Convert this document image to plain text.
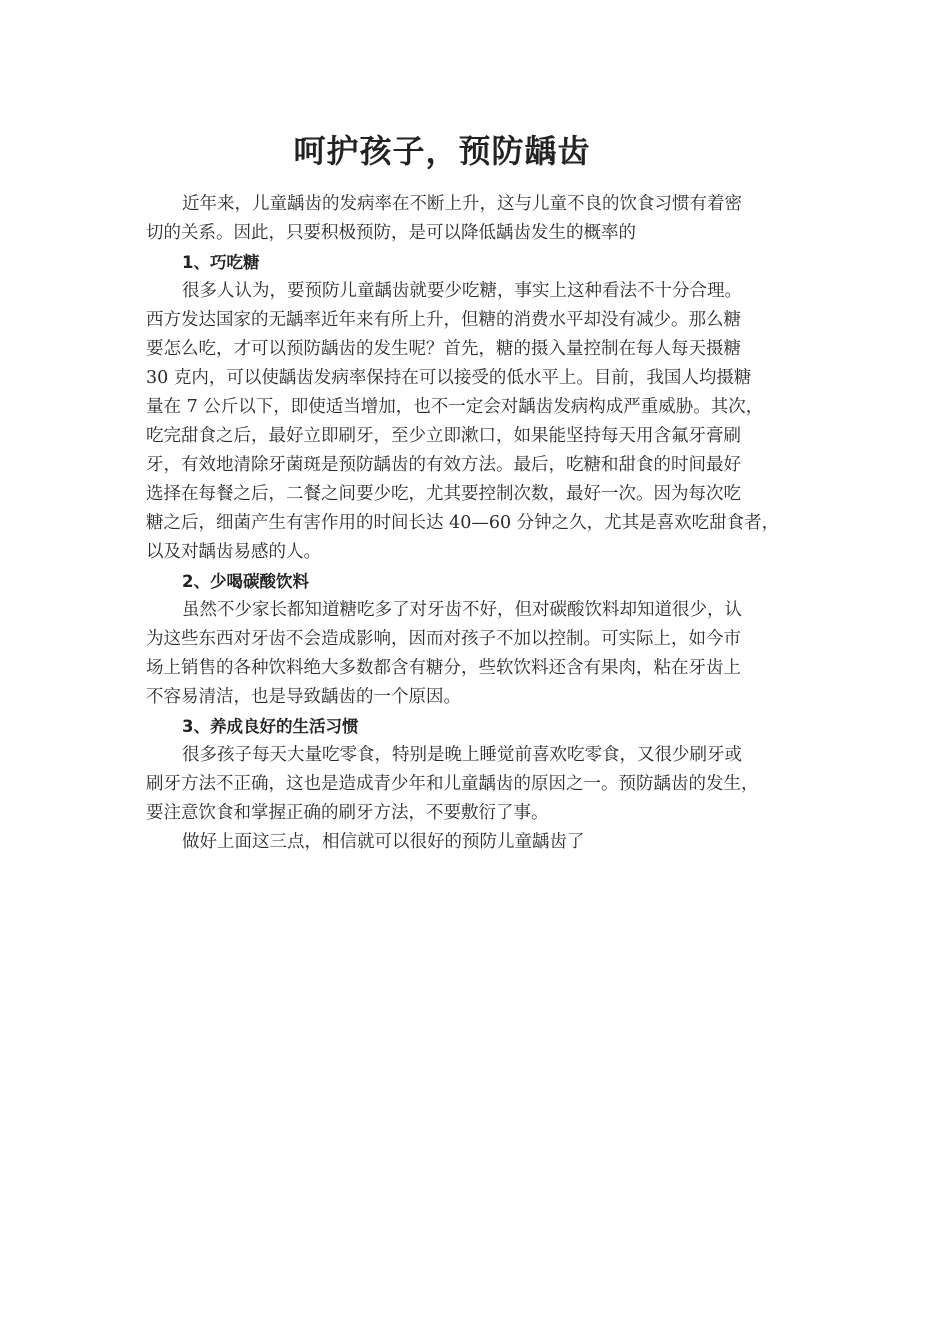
呵护孩子，预防龋齿
近年来，儿童龋齿的发病率在不断上升，这与儿童不良的饮食习惯有着密
切的关系。因此，只要积极预防，是可以降低龋齿发生的概率的

1、巧吃糖

很多人认为，要预防儿童龋齿就要少吃糖，事实上这种看法不十分合理。
西方发达国家的无龋率近年来有所上升，但糖的消费水平却没有减少。那么糖
要怎么吃，才可以预防龋齿的发生呢？首先，糖的摄入量控制在每人每天摄糖
30 克内，可以使龋齿发病率保持在可以接受的低水平上。目前，我国人均摄糖
量在 7 公斤以下，即使适当增加，也不一定会对龋齿发病构成严重威胁。其次，
吃完甜食之后，最好立即刷牙，至少立即漱口，如果能坚持每天用含氟牙膏刷
牙，有效地清除牙菌斑是预防龋齿的有效方法。最后，吃糖和甜食的时间最好
选择在每餐之后，二餐之间要少吃，尤其要控制次数，最好一次。因为每次吃
糖之后，细菌产生有害作用的时间长达 40—60 分钟之久，尤其是喜欢吃甜食者，
以及对龋齿易感的人。

2、少喝碳酸饮料

虽然不少家长都知道糖吃多了对牙齿不好，但对碳酸饮料却知道很少，认
为这些东西对牙齿不会造成影响，因而对孩子不加以控制。可实际上，如今市
场上销售的各种饮料绝大多数都含有糖分，些软饮料还含有果肉，粘在牙齿上
不容易清洁，也是导致龋齿的一个原因。

3、养成良好的生活习惯

很多孩子每天大量吃零食，特别是晚上睡觉前喜欢吃零食，又很少刷牙或
刷牙方法不正确，这也是造成青少年和儿童龋齿的原因之一。预防龋齿的发生，
要注意饮食和掌握正确的刷牙方法，不要敷衍了事。
做好上面这三点，相信就可以很好的预防儿童龋齿了
